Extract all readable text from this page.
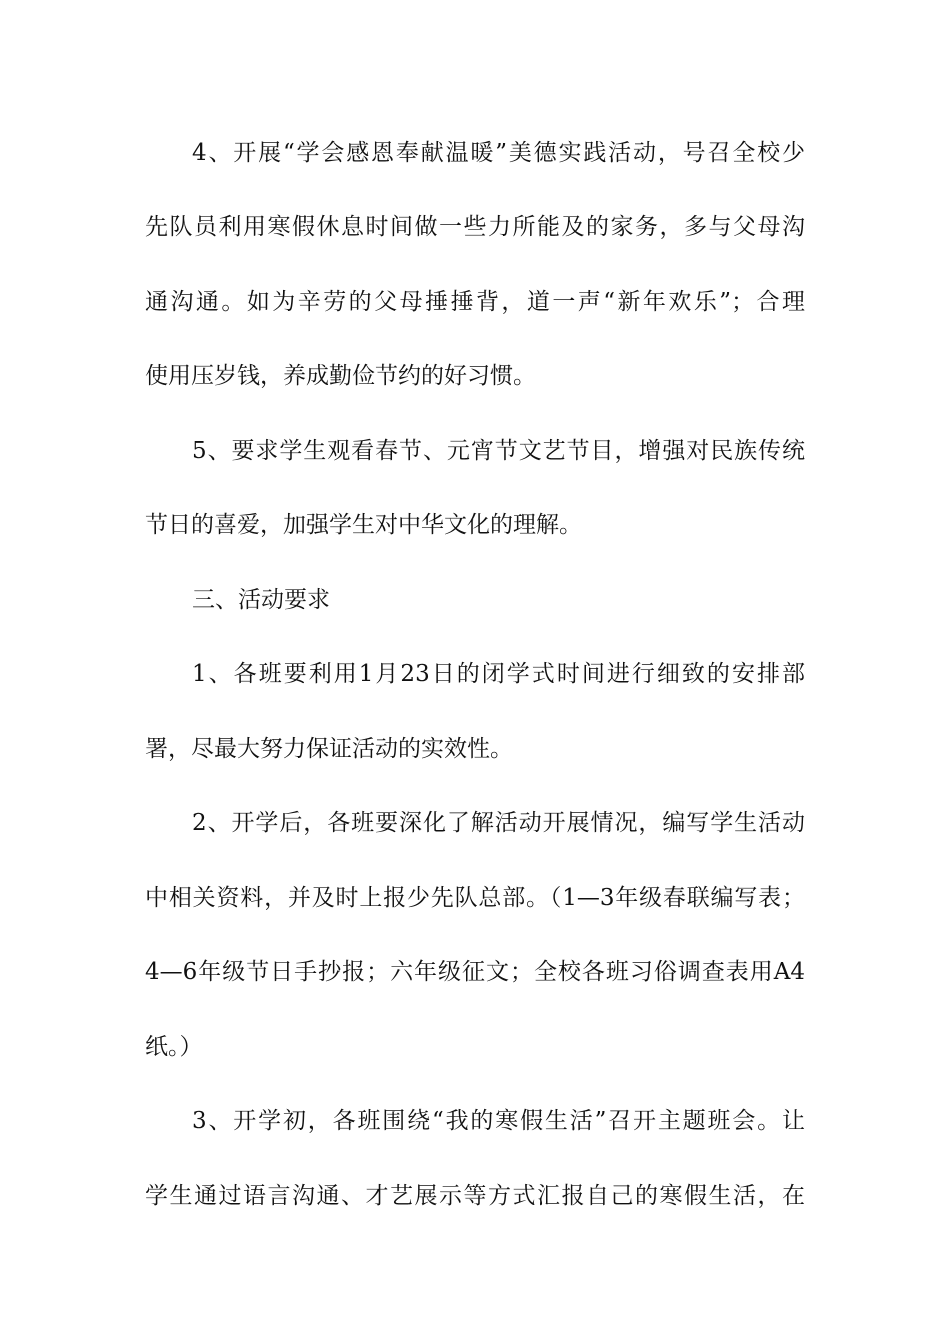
4、开展“学会感恩奉献温暖”美德实践活动，号召全校少
先队员利用寒假休息时间做一些力所能及的家务，多与父母沟
通沟通。如为辛劳的父母捶捶背，道一声“新年欢乐”；合理
使用压岁钱，养成勤俭节约的好习惯。
5、要求学生观看春节、元宵节文艺节目，增强对民族传统
节日的喜爱，加强学生对中华文化的理解。
三、活动要求
1、各班要利用1月23日的闭学式时间进行细致的安排部
署，尽最大努力保证活动的实效性。
2、开学后，各班要深化了解活动开展情况，编写学生活动
中相关资料，并及时上报少先队总部。（1—3年级春联编写表；
4—6年级节日手抄报；六年级征文；全校各班习俗调查表用A4
纸。）
3、开学初，各班围绕“我的寒假生活”召开主题班会。让
学生通过语言沟通、才艺展示等方式汇报自己的寒假生活，在
